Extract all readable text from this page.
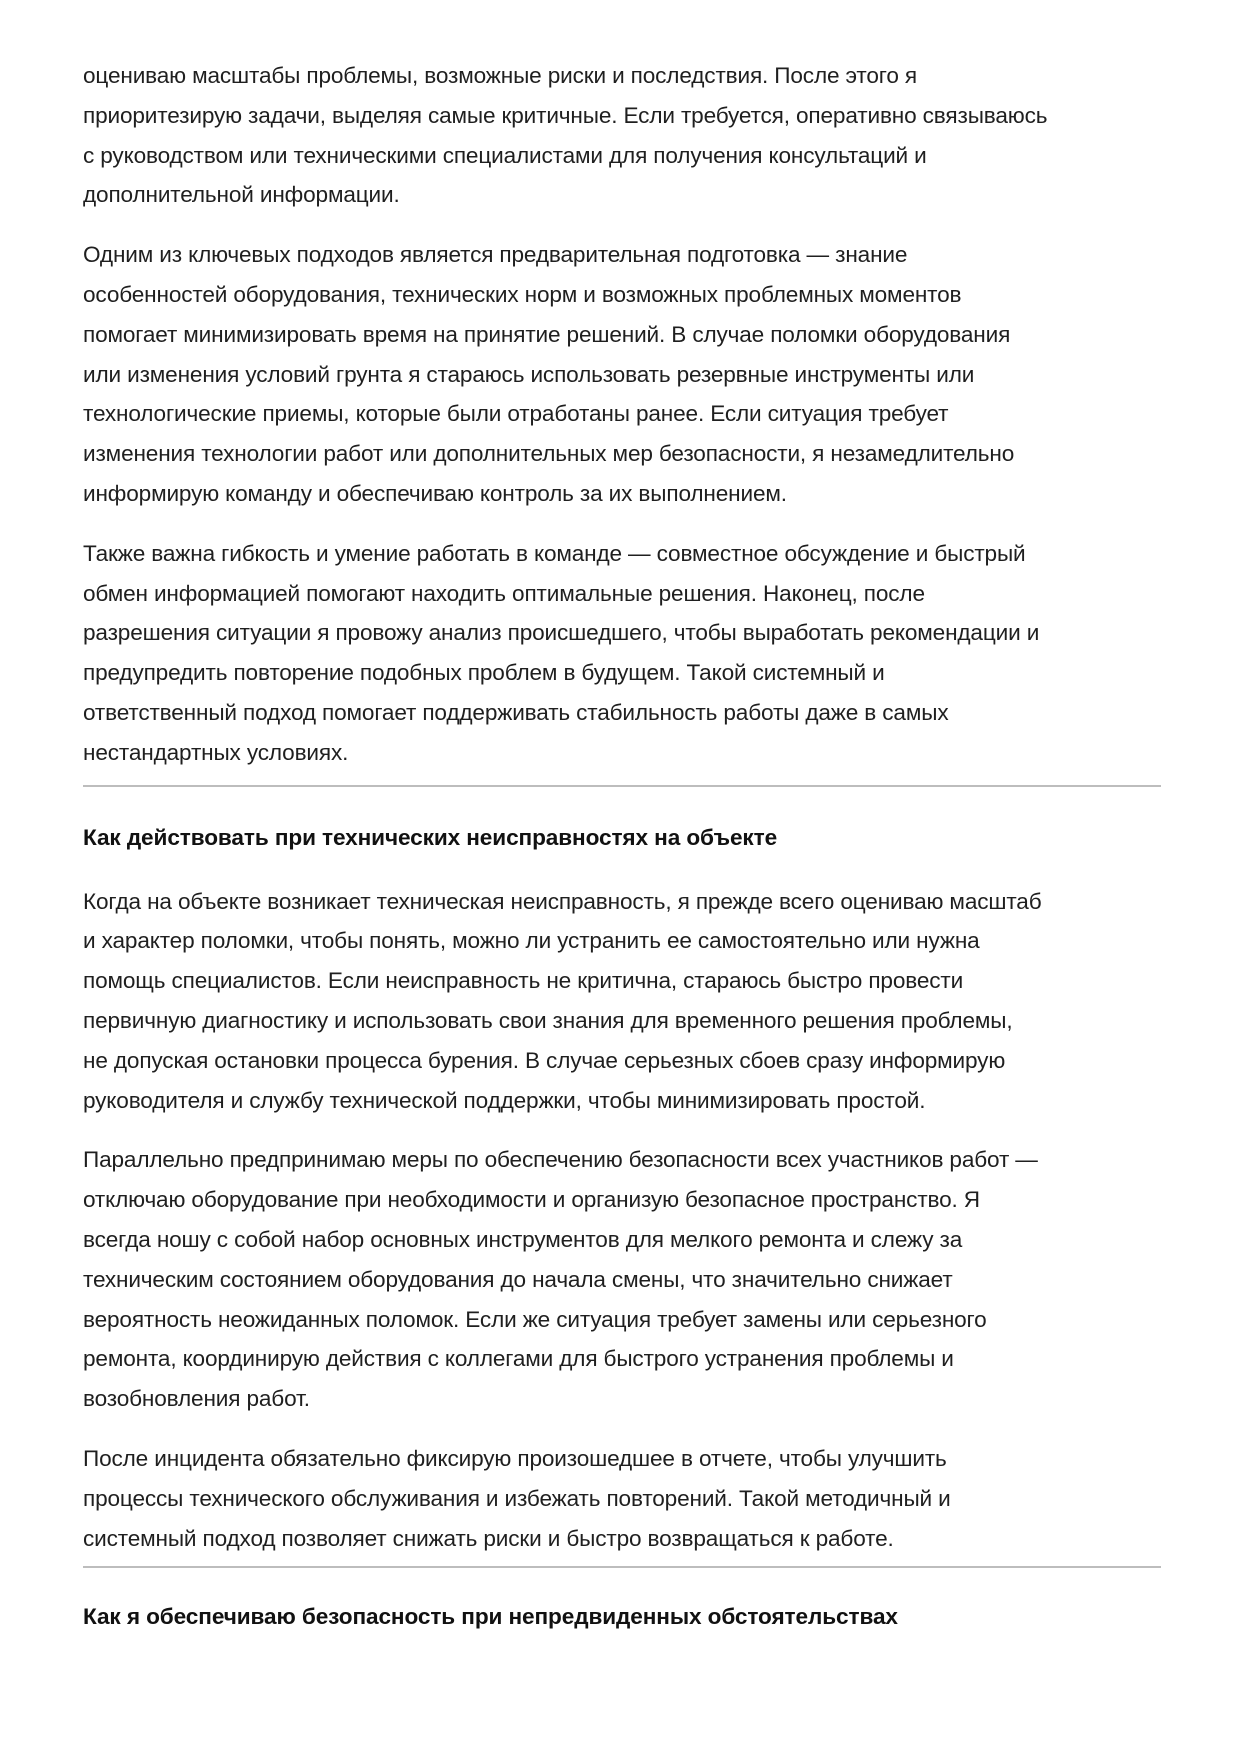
оцениваю масштабы проблемы, возможные риски и последствия. После этого я
приоритезирую задачи, выделяя самые критичные. Если требуется, оперативно связываюсь
с руководством или техническими специалистами для получения консультаций и
дополнительной информации.

Одним из ключевых подходов является предварительная подготовка — знание
особенностей оборудования, технических норм и возможных проблемных моментов
помогает минимизировать время на принятие решений. В случае поломки оборудования
или изменения условий грунта я стараюсь использовать резервные инструменты или
технологические приемы, которые были отработаны ранее. Если ситуация требует
изменения технологии работ или дополнительных мер безопасности, я незамедлительно
информирую команду и обеспечиваю контроль за их выполнением.

Также важна гибкость и умение работать в команде — совместное обсуждение и быстрый
обмен информацией помогают находить оптимальные решения. Наконец, после
разрешения ситуации я провожу анализ происшедшего, чтобы выработать рекомендации и
предупредить повторение подобных проблем в будущем. Такой системный и
ответственный подход помогает поддерживать стабильность работы даже в самых
нестандартных условиях.

Как действовать при технических неисправностях на объекте

Когда на объекте возникает техническая неисправность, я прежде всего оцениваю масштаб
и характер поломки, чтобы понять, можно ли устранить ее самостоятельно или нужна
помощь специалистов. Если неисправность не критична, стараюсь быстро провести
первичную диагностику и использовать свои знания для временного решения проблемы,
не допуская остановки процесса бурения. В случае серьезных сбоев сразу информирую
руководителя и службу технической поддержки, чтобы минимизировать простой.

Параллельно предпринимаю меры по обеспечению безопасности всех участников работ —
отключаю оборудование при необходимости и организую безопасное пространство. Я
всегда ношу с собой набор основных инструментов для мелкого ремонта и слежу за
техническим состоянием оборудования до начала смены, что значительно снижает
вероятность неожиданных поломок. Если же ситуация требует замены или серьезного
ремонта, координирую действия с коллегами для быстрого устранения проблемы и
возобновления работ.

После инцидента обязательно фиксирую произошедшее в отчете, чтобы улучшить
процессы технического обслуживания и избежать повторений. Такой методичный и
системный подход позволяет снижать риски и быстро возвращаться к работе.

Как я обеспечиваю безопасность при непредвиденных обстоятельствах
